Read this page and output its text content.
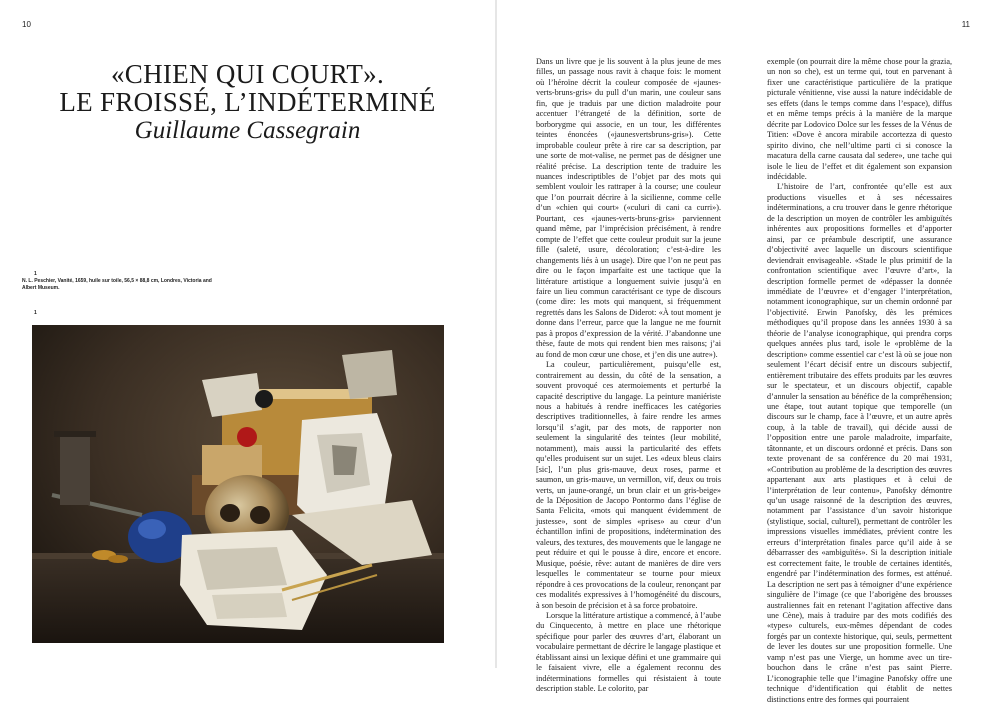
10
«CHIEN QUI COURT».
LE FROISSÉ, L’INDÉTERMINÉ
Guillaume Cassegrain
1
N. L. Peschier, Vanité, 1659, huile sur toile, 56,5 × 88,8 cm, Londres, Victoria and Albert Museum.
1
11

Dans un livre que je lis souvent à la plus jeune de mes filles, un passage nous ravit à chaque fois: le moment où l’héroïne décrit la couleur composée de «jaunes-verts-bruns-gris» du pull d’un marin, une couleur sans fin, que je traduis par une diction maladroite pour accentuer l’étrangeté de la définition, sorte de borborygme qui associe, en un tour, les différentes teintes énoncées («jaunesvertsbruns-gris»). Cette improbable couleur prête à rire car sa description, par une sorte de mot-valise, ne permet pas de désigner une réalité précise. La description tente de traduire les nuances indescriptibles de l’objet par des mots qui semblent vouloir les rattraper à la course; une couleur que l’on pourrait décrire à la sicilienne, comme celle d’un «chien qui court» («culuri di cani ca curri»). Pourtant, ces «jaunes-verts-bruns-gris» parviennent quand même, par l’imprécision précisément, à rendre compte de l’effet que cette couleur produit sur la jeune fille (saleté, usure, décoloration; c’est-à-dire les changements liés à un usage). Dire que l’on ne peut pas dire ou le façon imparfaite est une tactique que la littérature artistique a longuement suivie jusqu’à en faire un lieu commun caractérisant ce type de discours (come dire: les mots qui manquent, si fréquemment regrettés dans les Salons de Diderot: «À tout moment je donne dans l’erreur, parce que la langue ne me fournit pas à propos d’expression de la vérité. J’abandonne une thèse, faute de mots qui rendent bien mes raisons; j’ai au fond de mon cœur une chose, et j’en dis une autre»).

La couleur, particulièrement, puisqu’elle est, contrairement au dessin, du côté de la sensation, a souvent provoqué ces atermoiements et perturbé la capacité descriptive du langage. La peinture maniériste nous a habitués à rendre inefficaces les catégories descriptives traditionnelles, à faire rendre les armes lorsqu’il s’agit, par des mots, de rapporter non seulement la singularité des teintes (leur mobilité, notamment), mais aussi la particularité des effets qu’elles produisent sur un sujet. Les «deux bleus clairs [sic], l’un plus gris-mauve, deux roses, parme et saumon, un gris-mauve, un vermillon, vif, deux ou trois verts, un jaune-orangé, un brun clair et un gris-beige» de la Déposition de Jacopo Pontormo dans l’église de Santa Felicita, «mots qui manquent évidemment de justesse», sont de simples «prises» au cœur d’un échantillon infini de propositions, indétermination des valeurs, des textures, des mouvements que le langage ne peut réduire et qui le pousse à dire, encore et encore. Musique, poésie, rêve: autant de manières de dire vers lesquelles le commentateur se tourne pour mieux répondre à ces provocations de la couleur, renonçant par ces modalités expressives à l’homogénéité du discours, à son besoin de précision et à sa force probatoire.

Lorsque la littérature artistique a commencé, à l’aube du Cinquecento, à mettre en place une rhétorique spécifique pour parler des œuvres d’art, élaborant un vocabulaire permettant de décrire le langage plastique et établissant ainsi un lexique défini et une grammaire qui le faisaient vivre, elle a également reconnu des indéterminations formelles qui résistaient à toute description stable. Le colorito, par

exemple (on pourrait dire la même chose pour la grazia, un non so che), est un terme qui, tout en parvenant à fixer une caractéristique particulière de la pratique picturale vénitienne, vise aussi la nature indécidable de ses effets (dans le temps comme dans l’espace), diffus et en même temps précis à la manière de la marque décrite par Lodovico Dolce sur les fesses de la Vénus de Titien: «Dove è ancora mirabile accortezza di questo spirito divino, che nell’ultime parti ci si conosce la macatura della carne causata dal sedere», une tache qui isole le lieu de l’effet et dit également son expansion indécidable.

L’histoire de l’art, confrontée qu’elle est aux productions visuelles et à ses nécessaires indéterminations, a cru trouver dans le genre rhétorique de la description un moyen de contrôler les ambiguïtés inhérentes aux propositions formelles et d’apporter ainsi, par ce préambule descriptif, une assurance d’objectivité avec laquelle un discours scientifique deviendrait envisageable. «Stade le plus primitif de la confrontation scientifique avec l’œuvre d’art», la description formelle permet de «dépasser la donnée immédiate de l’œuvre» et d’engager l’interprétation, notamment iconographique, sur un chemin ordonné par l’objectivité. Erwin Panofsky, dès les prémices méthodiques qu’il propose dans les années 1930 à sa théorie de l’analyse iconographique, qui prendra corps quelques années plus tard, isole le «problème de la description» comme essentiel car c’est là où se joue non seulement l’écart décisif entre un discours subjectif, entièrement tributaire des effets produits par les œuvres sur le spectateur, et un discours objectif, capable d’annuler la sensation au bénéfice de la compréhension; une étape, tout autant topique que temporelle (un discours sur le champ, face à l’œuvre, et un autre après coup, à la table de travail), qui décide aussi de l’opposition entre une parole maladroite, imparfaite, tâtonnante, et un discours ordonné et précis. Dans son texte provenant de sa conférence du 20 mai 1931, «Contribution au problème de la description des œuvres appartenant aux arts plastiques et à celui de l’interprétation de leur contenu», Panofsky démontre qu’un usage raisonné de la description des œuvres, notamment par l’assistance d’un savoir historique (stylistique, social, culturel), permettant de contrôler les impressions visuelles immédiates, prévient contre les erreurs d’interprétation finales parce qu’il aide à se débarrasser des «ambiguïtés». Si la description initiale est correctement faite, le trouble de certaines identités, engendré par l’indétermination des formes, est atténué. La description ne sert pas à témoigner d’une expérience singulière de l’image (ce que l’aborigène des brousses australiennes fait en retenant l’agitation affective dans une Cène), mais à traduire par des mots codifiés des «types» culturels, eux-mêmes dépendant de codes forgés par un contexte historique, qui, seuls, permettent de lever les doutes sur une proposition formelle. Une vamp n’est pas une Vierge, un homme avec un tire-bouchon dans le crâne n’est pas saint Pierre. L’iconographie telle que l’imagine Panofsky offre une technique d’identification qui établit de nettes distinctions entre des formes qui pourraient
